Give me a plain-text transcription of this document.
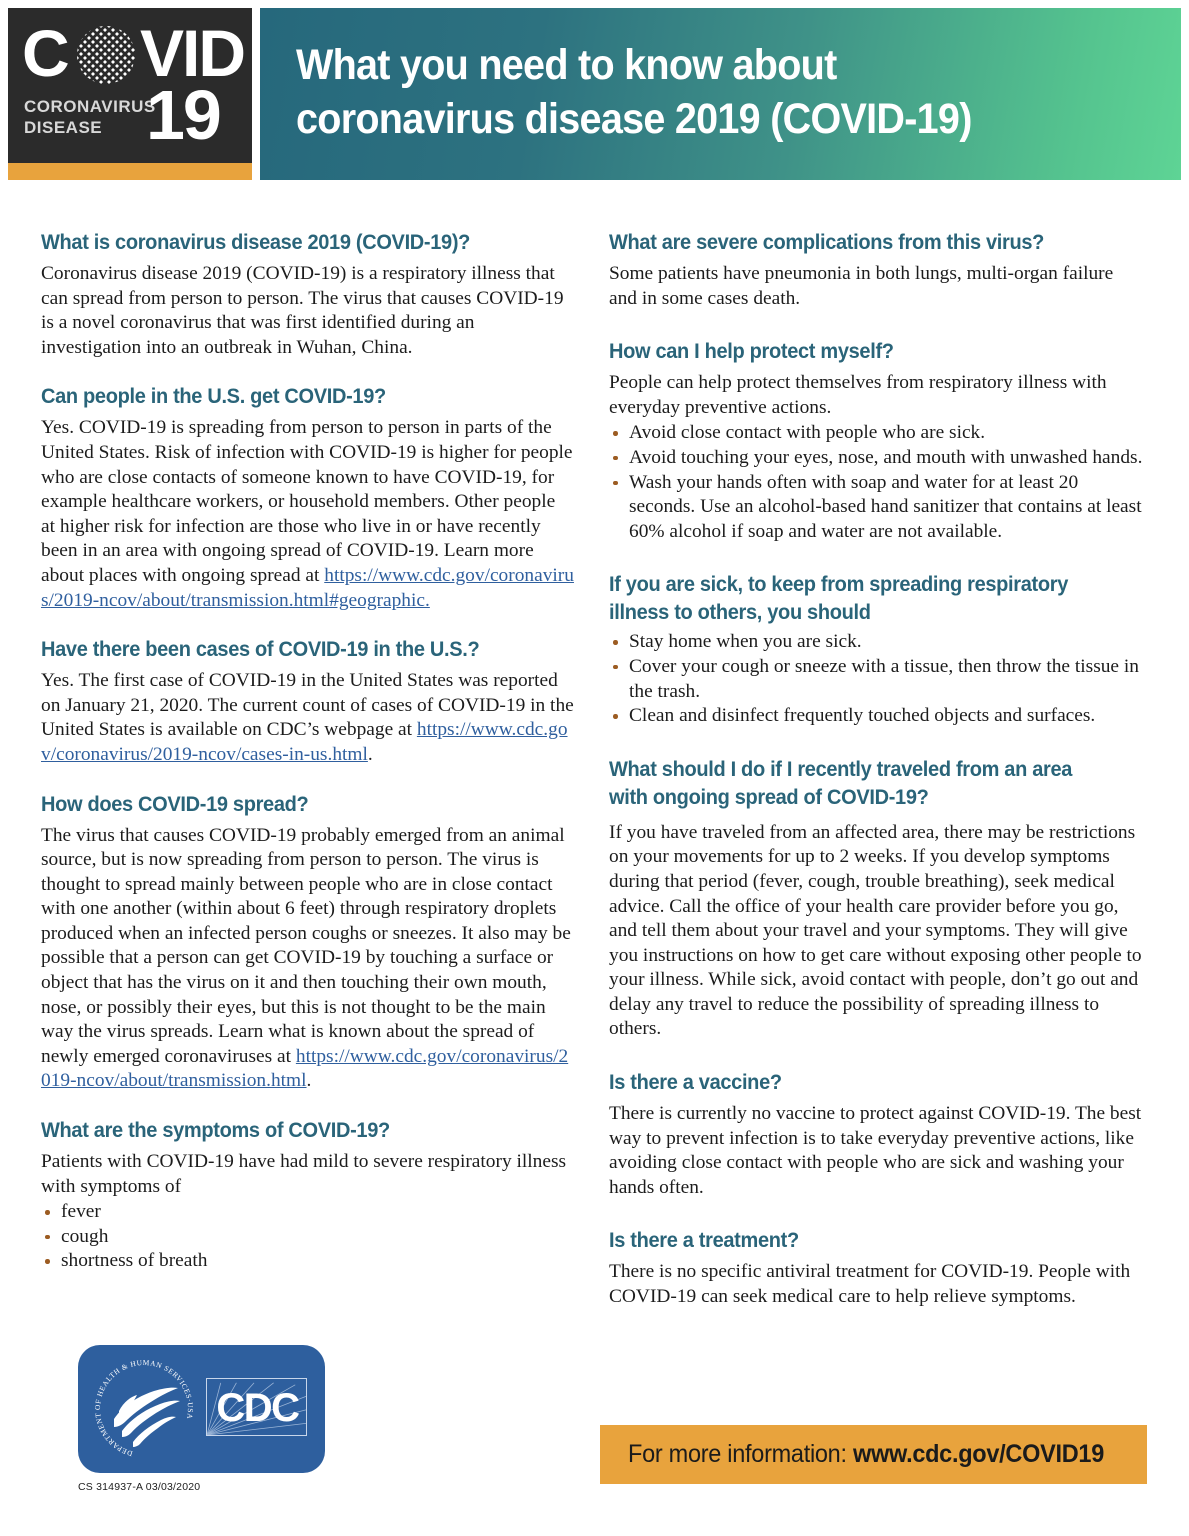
C VID
CORONAVIRUS
DISEASE 19
What you need to know about
coronavirus disease 2019 (COVID-19)
What is coronavirus disease 2019 (COVID-19)?

Coronavirus disease 2019 (COVID-19) is a respiratory illness that can spread from person to person. The virus that causes COVID-19 is a novel coronavirus that was first identified during an investigation into an outbreak in Wuhan, China.

Can people in the U.S. get COVID-19?

Yes. COVID-19 is spreading from person to person in parts of the United States. Risk of infection with COVID-19 is higher for people who are close contacts of someone known to have COVID-19, for example healthcare workers, or household members. Other people at higher risk for infection are those who live in or have recently been in an area with ongoing spread of COVID-19. Learn more about places with ongoing spread at https://www.cdc.gov/coronavirus/2019-ncov/about/transmission.html#geographic.

Have there been cases of COVID-19 in the U.S.?

Yes. The first case of COVID-19 in the United States was reported on January 21, 2020. The current count of cases of COVID-19 in the United States is available on CDC’s webpage at https://www.cdc.gov/coronavirus/2019-ncov/cases-in-us.html.

How does COVID-19 spread?

The virus that causes COVID-19 probably emerged from an animal source, but is now spreading from person to person. The virus is thought to spread mainly between people who are in close contact with one another (within about 6 feet) through respiratory droplets produced when an infected person coughs or sneezes. It also may be possible that a person can get COVID-19 by touching a surface or object that has the virus on it and then touching their own mouth, nose, or possibly their eyes, but this is not thought to be the main way the virus spreads. Learn what is known about the spread of newly emerged coronaviruses at https://www.cdc.gov/coronavirus/2019-ncov/about/transmission.html.

What are the symptoms of COVID-19?

Patients with COVID-19 have had mild to severe respiratory illness with symptoms of

fever
cough
shortness of breath
What are severe complications from this virus?

Some patients have pneumonia in both lungs, multi-organ failure and in some cases death.

How can I help protect myself?

People can help protect themselves from respiratory illness with everyday preventive actions.

Avoid close contact with people who are sick.
Avoid touching your eyes, nose, and mouth with unwashed hands.
Wash your hands often with soap and water for at least 20 seconds. Use an alcohol-based hand sanitizer that contains at least 60% alcohol if soap and water are not available.
If you are sick, to keep from spreading respiratory illness to others, you should
Stay home when you are sick.
Cover your cough or sneeze with a tissue, then throw the tissue in the trash.
Clean and disinfect frequently touched objects and surfaces.
What should I do if I recently traveled from an area with ongoing spread of COVID-19?

If you have traveled from an affected area, there may be restrictions on your movements for up to 2 weeks. If you develop symptoms during that period (fever, cough, trouble breathing), seek medical advice. Call the office of your health care provider before you go, and tell them about your travel and your symptoms. They will give you instructions on how to get care without exposing other people to your illness. While sick, avoid contact with people, don’t go out and delay any travel to reduce the possibility of spreading illness to others.

Is there a vaccine?

There is currently no vaccine to protect against COVID-19. The best way to prevent infection is to take everyday preventive actions, like avoiding close contact with people who are sick and washing your hands often.

Is there a treatment?

There is no specific antiviral treatment for COVID-19. People with COVID-19 can seek medical care to help relieve symptoms.

DEPARTMENT OF HEALTH & HUMAN SERVICES·USA CDC
CS 314937-A 03/03/2020
For more information: www.cdc.gov/COVID19
